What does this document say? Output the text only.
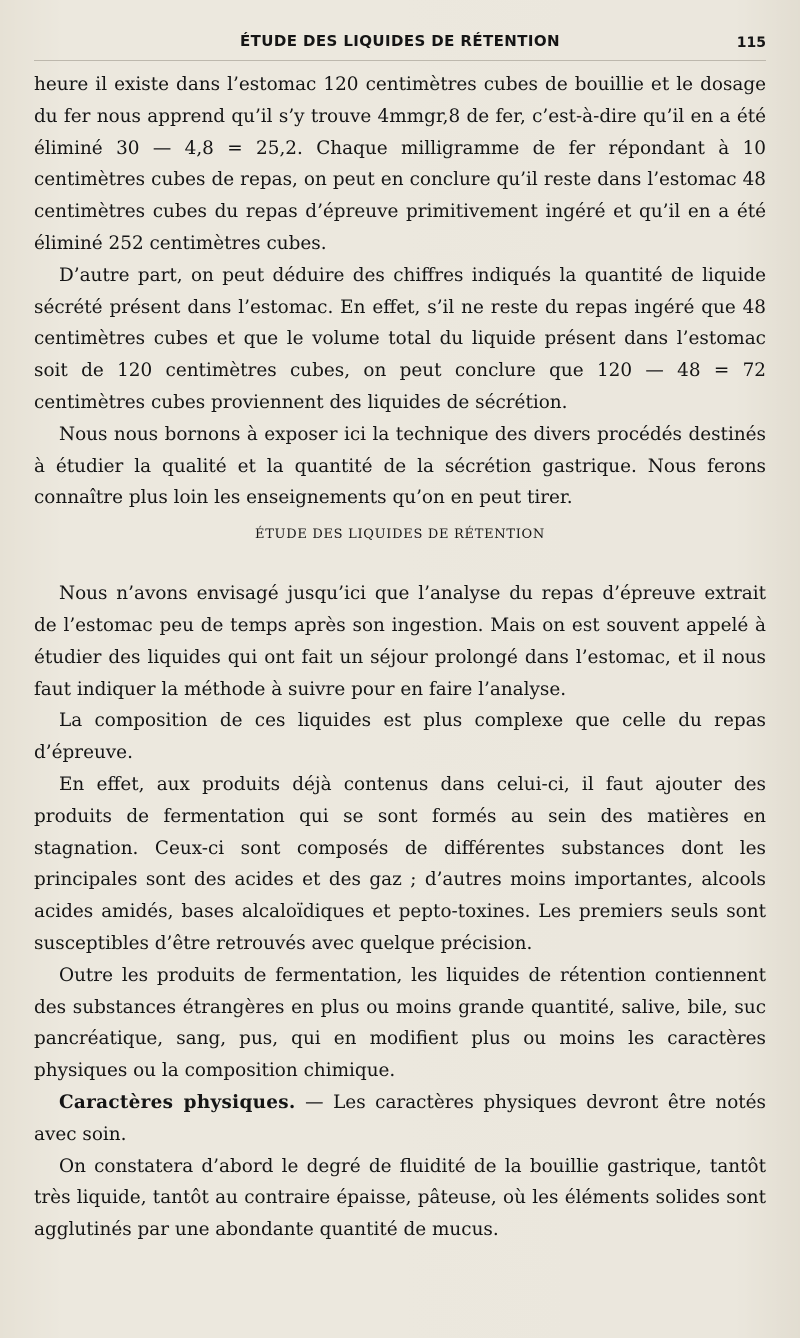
ÉTUDE DES LIQUIDES DE RÉTENTION	115

heure il existe dans l’estomac 120 centimètres cubes de bouillie et le dosage du fer nous apprend qu’il s’y trouve 4mmgr,8 de fer, c’est-à-dire qu’il en a été éliminé 30 — 4,8 = 25,2. Chaque milligramme de fer répondant à 10 centimètres cubes de repas, on peut en conclure qu’il reste dans l’estomac 48 centimètres cubes du repas d’épreuve primitivement ingéré et qu’il en a été éliminé 252 centimètres cubes.

D’autre part, on peut déduire des chiffres indiqués la quantité de liquide sécrété présent dans l’estomac. En effet, s’il ne reste du repas ingéré que 48 centimètres cubes et que le volume total du liquide présent dans l’estomac soit de 120 centimètres cubes, on peut conclure que 120 — 48 = 72 centimètres cubes proviennent des liquides de sécrétion.

Nous nous bornons à exposer ici la technique des divers procédés destinés à étudier la qualité et la quantité de la sécrétion gastrique. Nous ferons connaître plus loin les enseignements qu’on en peut tirer.

ÉTUDE DES LIQUIDES DE RÉTENTION

Nous n’avons envisagé jusqu’ici que l’analyse du repas d’épreuve extrait de l’estomac peu de temps après son ingestion. Mais on est souvent appelé à étudier des liquides qui ont fait un séjour prolongé dans l’estomac, et il nous faut indiquer la méthode à suivre pour en faire l’analyse.

La composition de ces liquides est plus complexe que celle du repas d’épreuve.

En effet, aux produits déjà contenus dans celui-ci, il faut ajouter des produits de fermentation qui se sont formés au sein des matières en stagnation. Ceux-ci sont composés de différentes substances dont les principales sont des acides et des gaz ; d’autres moins importantes, alcools acides amidés, bases alcaloïdiques et pepto-toxines. Les premiers seuls sont susceptibles d’être retrouvés avec quelque précision.

Outre les produits de fermentation, les liquides de rétention contiennent des substances étrangères en plus ou moins grande quantité, salive, bile, suc pancréatique, sang, pus, qui en modifient plus ou moins les caractères physiques ou la composition chimique.

Caractères physiques. — Les caractères physiques devront être notés avec soin.

On constatera d’abord le degré de fluidité de la bouillie gastrique, tantôt très liquide, tantôt au contraire épaisse, pâteuse, où les éléments solides sont agglutinés par une abondante quantité de mucus.
